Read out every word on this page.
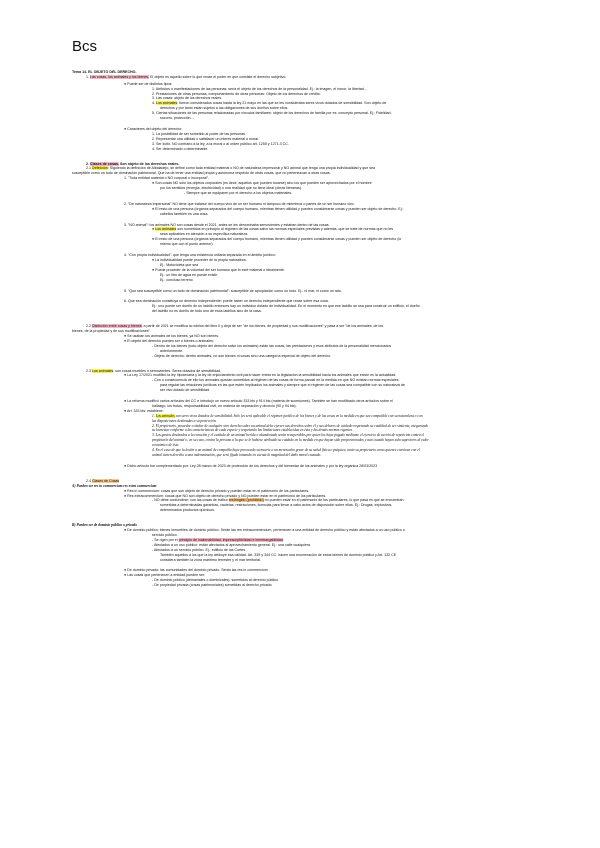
Bcs
Tema 14. EL OBJETO DEL DERECHO.
1. Las cosas, los animales y los bienes. El objeto es aquello sobre lo que recae el poder en que consiste el derecho subjetivo.
● Puede ser de distintos tipos:
1. Atributos o manifestaciones de las personas: sería el objeto de los derechos de la personalidad. Ej.: la imagen, el honor, la libertad…
2. Prestaciones de otras personas, comportamiento de otras personas: Objeto de los derechos de crédito.
3. Las cosas: objeto de los derechos reales.
4. Los animales: fueron considerados cosas hasta la ley 21 mayo en las que se les consideraba seres vivos dotados de sensibilidad. Son objeto de
derechos y por tanto están sujetos a las obligaciones de sus dueños sobre ellos.
5. Ciertas situaciones de las personas relacionadas por vínculos familiares: objeto de los derechos de familia por ex. concepto personal. Ej.: Fidelidad,
socorro, protección…
● Caracteres del objeto del derecho:
1. La posibilidad de ser sometido al poder de las personas.
2. Representar una utilidad o satisfacer un interés material o moral.
3. Ser lícito. NO contrario a la ley, a la moral o al orden público art. 1255 y 1271.3 CC.
4. Ser determinado o determinable.
2. Clases de cosas. Son objeto de los derechos reales.
2.1 Definición: Siguiendo la definición de Albaladejo, se define como toda entidad material o NO de naturaleza impersonal y NO animal que tenga una propia individualidad y que sea
susceptible como un todo de dominación patrimonial. Que ha de tener una entidad propia y autónoma respecto de otras cosas, que no pertenezcan a otras cosas.
1. "Toda entidad material o NO corporal o incorporal".
● Son cosas NO sólo los objetos corporales (es decir, aquellos que pueden tocarse) sino los que pueden ser aprovechados por el hombre
por los sentidos (energía, electricidad) o una realidad que no tiene ideal (obras literarias).
- Siempre que se equiparen por el derecho a los objetos materiales.
2. "De naturaleza impersonal" NO tiene que tratarse del cuerpo vivo de un ser humano ni tampoco de miembros o partes de un ser humano vivo.
● El resto de una persona (órganos separados del cuerpo humano, mientras tienen utilidad y pueden considerarse cosas y pueden ser objeto de derecho. Ej.:
cabellos también es una cosa.
3. "NO animal": los animales NO son cosas desde el 2021, antes se les denominaba semovientes y estaban dentro de las cosas.
● Los animales son sometidos en principio al régimen de las cosas salvo las normas especiales previstas y además, que se trate de normas que no les
sean aplicables en atención a su específica naturaleza.
● El resto de una persona (órganos separados del cuerpo humano, mientras tienen utilidad y pueden considerarse cosas y pueden ser objeto de derecho (lo
mismo que con el punto anterior).
4. "Con propia individualidad": que tenga una existencia unitaria separada en el ámbito jurídico:
● La individualidad puede proceder de la propia naturaleza.
Ej.: Motocicleta que sea
● Puede proceder de la voluntad del ser humano que lo esté material o idealmente.
Ej.: un litro de agua en puede existir
Ej.: concluso terreno
5. "Que sea susceptible como un todo de dominación patrimonial": susceptible de apropiación como un todo. Ej.: ni mar, ni como un rato.
6. Que sea dominación constituya un derecho independiente: puede haber un derecho independiente que recae sobre esa cosa.
Ej.: uno puede ser dueño de un ladrillo entonces hay un individuo dotado de individualidad. En el momento en que ese ladrillo se usa para construir un edificio, el dueño
del ladrillo no es dueño de todo uno de esos ladrillos sino de la casa.
2.2 Distinción entre cosas y bienes: a partir de 2021 se modifica la rúbrica del libro II y deja de ser "de los bienes, de propiedad y sus modificaciones" y pasa a ser "de los animales, de los
bienes, de la propiedad y de sus modificaciones".
● Se usaban los animales de los bienes, ya NO son bienes.
● El objeto del derecho pueden ser o bienes o animales:
- Dentro de los bienes (todo objeto del derecho salvo los animales) están las cosas, las prestaciones y esos atributos de la personalidad mencionados
anteriormente.
- Objeto de derecho: dentro animales, no son bienes ni cosas sino una categoría especial de objeto del derecho.
2.3 Los animales: son cosas muebles o semovientes. Seres dotados de sensibilidad.
● La Ley 17/2021 modificó la ley hipotecaria y la ley de enjuiciamiento civil para hacer entrar en la legislación la sensibilidad hacia los animales que existe en la actualidad.
- Con o consecuencia de ello los animales quedan sometidos al régimen de las cosas de forma parcial en la medida en que NO existan normas especiales
para regular las relaciones jurídicas en las que estén implicados los animales y siempre que el régimen de las cosas sea compatible con su naturaleza de
ser vivo dotado de sensibilidad.
● La reforma modificó varios artículos del CC e introdujo un nuevo artículo 333 bis y 914 bis (materia de sucesiones). También se han modificado otros artículos sobre el
hallazgo, los frutos, responsabilidad civil, en materia de separación y divorcio (90 y 94 bis).
● Art. 333 bis: establece:
1. Los animales son seres vivos dotados de sensibilidad. Solo les será aplicable el régimen jurídico de los bienes y de las cosas en la medida en que sea compatible con su naturaleza o con
las disposiciones destinadas a su protección.
2. El propietario, poseedor o titular de cualquier otro derecho sobre un animal debe ejercer sus derechos sobre él y sus deberes de cuidado respetando su cualidad de ser sintiente, asegurando
su bienestar conforme a las características de cada especie y respetando las limitaciones establecidas en ésta y las demás normas vigentes.
3. Los gastos destinados a la curación y el cuidado de un animal herido o abandonado serán recuperables por quien los haya pagado mediante el ejercicio de acción de repetición contra el
propietario del animal o, en su caso, contra la persona a la que se le hubiese atribuido su cuidado en la medida en que hayan sido proporcionados y aun cuando hayan sido superiores al valor
económico de éste.
4. En el caso de que la lesión a un animal de compañía haya provocado su muerte o un menoscabo grave de su salud física o psíquica, tanto su propietario como quienes convivan con el
animal tienen derecho a una indemnización, que será fijada tomando en cuenta la magnitud del daño moral causado.
● Dicho artículo fue complementado por: Ley 28 marzo de 2023 de protección de los derechos y del bienestar de los animales y por la ley orgánica 28/03/2023
2.4 Clases de Cosas
A) Pueden ser res in commercium res extra commercium
● Res in commercium: cosas que son objeto de derecho privado y pueden estar en el patrimonio de los particulares.
● Res extracommercium: cosas que NO son objeto de derecho privado y NO pueden estar en el patrimonio de los particulares.
- NO debe confundirse: con las cosas de tráfico restringido (prohibido) no pueden estar en el patrimonio de los particulares, lo que pasa es que se encuentran
sometidas a determinadas garantías, cautelas, restricciones, licencias para llevar a cabo actos de disposición sobre ellas. Ej.: Drogas, explosivos,
determinados productos químicos.
B) Pueden ser de dominio público o privado
● De dominio público: bienes inmuebles de dominio público. Serán las res extracommercium, pertenecen a una entidad de derecho público y están afectados a un uso público o
servicio público.
- Se rigen por el principio de inalienabilidad, imprescriptibilidad e inembargabilidad.
- Afectados a un uso público: están afectados al aprovechamiento general. Ej.: una calle cualquiera
- Afectados a un servicio público. Ej.: edificio de las Cortes
También aquellos a los que la ley atribuye esa calidad. Art. 339 y 344 CC. hacen una enumeración de estos bienes de dominio público y Art. 132 CE
considera también la zona marítimo terrestre y el mar territorial.
● De dominio privado: las comunidades del dominio privado. Serán las res in commercium
● Las cosas que pertenecen a entidad pueden ser:
- De dominio público (demaniales o dominicales): sometidos al derecho público
- De propiedad privada (cosas patrimoniales) sometidas al derecho privado
